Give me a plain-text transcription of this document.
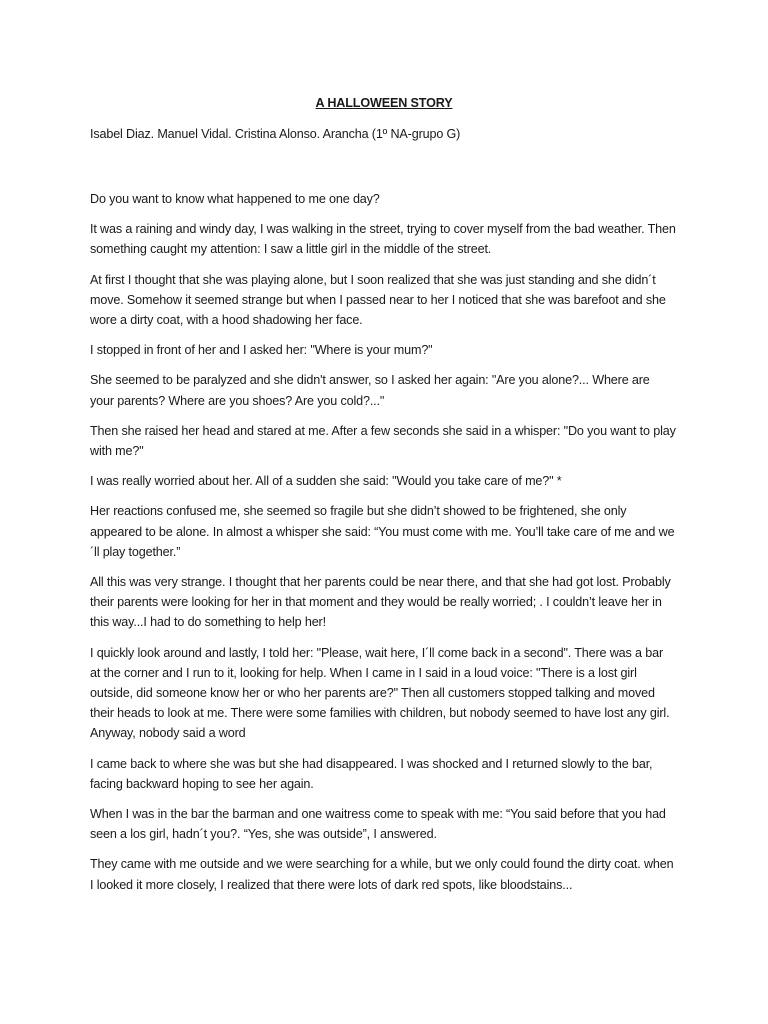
A HALLOWEEN STORY

Isabel Diaz. Manuel Vidal. Cristina Alonso. Arancha (1º NA-grupo G)

Do you want to know what happened to me one day?

It was a raining and windy day, I was walking in the street, trying to cover myself from the bad weather. Then something caught my attention: I saw a little girl in the middle of the street.

At first I thought that she was playing alone, but I soon realized that she was just standing and she didn´t move. Somehow it seemed strange but when I passed near to her I noticed that she was barefoot and she wore a dirty coat, with a hood shadowing her face.

I stopped in front of her and I asked her: "Where is your mum?"

She seemed to be paralyzed and she didn't answer, so I asked her again: "Are you alone?... Where are your parents? Where are you shoes? Are you cold?..."

Then she raised her head and stared at me. After a few seconds she said in a whisper: "Do you want to play with me?"

I was really worried about her. All of a sudden she said: "Would you take care of me?" *

Her reactions confused me, she seemed so fragile but she didn’t showed to be frightened, she only appeared to be alone. In almost a whisper she said: “You must come with me. You’ll take care of me and we´ll play together.”

All this was very strange. I thought that her parents could be near there, and that she had got lost. Probably their parents were looking for her in that moment and they would be really worried; . I couldn’t leave her in this way...I had to do something to help her!

I quickly look around and lastly, I told her: "Please, wait here, I´ll come back in a second". There was a bar at the corner and I run to it, looking for help. When I came in I said in a loud voice: "There is a lost girl outside, did someone know her or who her parents are?" Then all customers stopped talking and moved their heads to look at me. There were some families with children, but nobody seemed to have lost any girl. Anyway, nobody said a word

I came back to where she was but she had disappeared. I was shocked and I returned slowly to the bar, facing backward hoping to see her again.

When I was in the bar the barman and one waitress come to speak with me: “You said before that you had seen a los girl, hadn´t you?. “Yes, she was outside”, I answered.

They came with me outside and we were searching for a while, but we only could found the dirty coat. when I looked it more closely, I realized that there were lots of dark red spots, like bloodstains...
